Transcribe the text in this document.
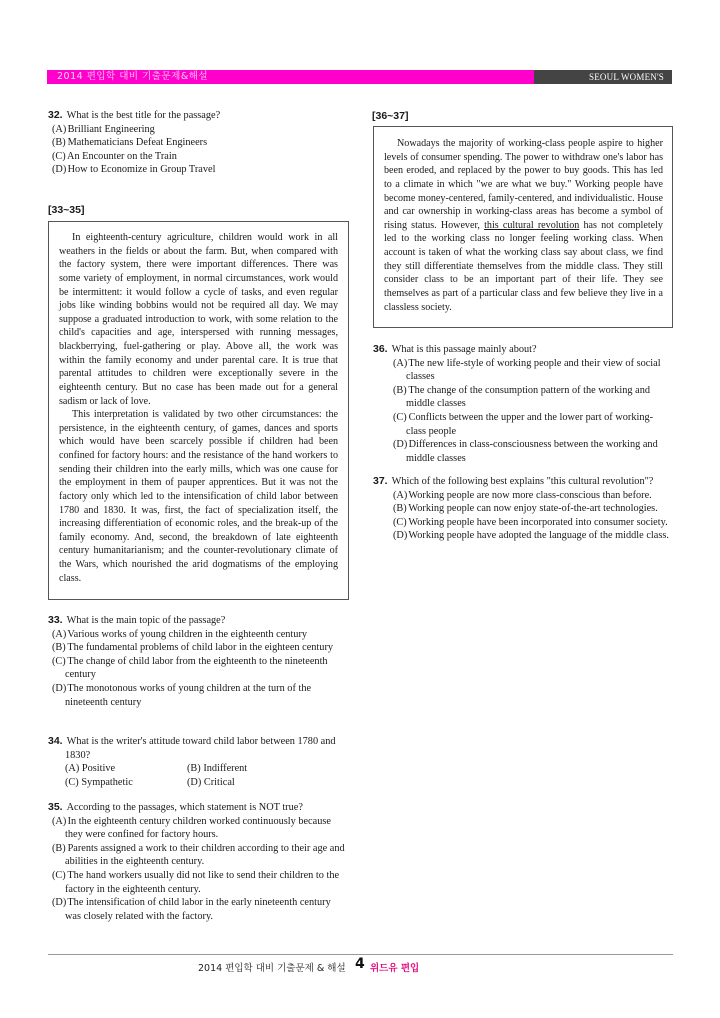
2014 편입학 대비 기출문제&해설	SEOUL WOMEN'S UNIVERSITY
32. What is the best title for the passage?
(A) Brilliant Engineering
(B) Mathematicians Defeat Engineers
(C) An Encounter on the Train
(D) How to Economize in Group Travel
[33~35]

In eighteenth-century agriculture, children would work in all weathers in the fields or about the farm. But, when compared with the factory system, there were important differences. There was some variety of employment, in normal circumstances, work would be intermittent: it would follow a cycle of tasks, and even regular jobs like winding bobbins would not be required all day. We may suppose a graduated introduction to work, with some relation to the child's capacities and age, interspersed with running messages, blackberrying, fuel-gathering or play. Above all, the work was within the family economy and under parental care. It is true that parental attitudes to children were exceptionally severe in the eighteenth century. But no case has been made out for a general sadism or lack of love.

This interpretation is validated by two other circumstances: the persistence, in the eighteenth century, of games, dances and sports which would have been scarcely possible if children had been confined for factory hours: and the resistance of the hand workers to sending their children into the early mills, which was one cause for the employment in them of pauper apprentices. But it was not the factory only which led to the intensification of child labor between 1780 and 1830. It was, first, the fact of specialization itself, the increasing differentiation of economic roles, and the break-up of the family economy. And, second, the breakdown of late eighteenth century humanitarianism; and the counter-revolutionary climate of the Wars, which nourished the arid dogmatisms of the employing class.

33. What is the main topic of the passage?
(A) Various works of young children in the eighteenth century
(B) The fundamental problems of child labor in the eighteen century
(C) The change of child labor from the eighteenth to the nineteenth century
(D) The monotonous works of young children at the turn of the nineteenth century
34. What is the writer's attitude toward child labor between 1780 and 1830?
(A) Positive	(B) Indifferent
(C) Sympathetic	(D) Critical
35. According to the passages, which statement is NOT true?
(A) In the eighteenth century children worked continuously because they were confined for factory hours.
(B) Parents assigned a work to their children according to their age and abilities in the eighteenth century.
(C) The hand workers usually did not like to send their children to the factory in the eighteenth century.
(D) The intensification of child labor in the early nineteenth century was closely related with the factory.
[36~37]

Nowadays the majority of working-class people aspire to higher levels of consumer spending. The power to withdraw one's labor has been eroded, and replaced by the power to buy goods. This has led to a climate in which "we are what we buy." Working people have become money-centered, family-centered, and individualistic. House and car ownership in working-class areas has become a symbol of rising status. However, this cultural revolution has not completely led to the working class no longer feeling working class. When account is taken of what the working class say about class, we find they still differentiate themselves from the middle class. They still consider class to be an important part of their life. They see themselves as part of a particular class and few believe they live in a classless society.

36. What is this passage mainly about?
(A) The new life-style of working people and their view of social classes
(B) The change of the consumption pattern of the working and middle classes
(C) Conflicts between the upper and the lower part of working-class people
(D) Differences in class-consciousness between the working and middle classes
37. Which of the following best explains "this cultural revolution"?
(A) Working people are now more class-conscious than before.
(B) Working people can now enjoy state-of-the-art technologies.
(C) Working people have been incorporated into consumer society.
(D) Working people have adopted the language of the middle class.
2014 편입학 대비 기출문제 & 해설 4 위드유 편입
